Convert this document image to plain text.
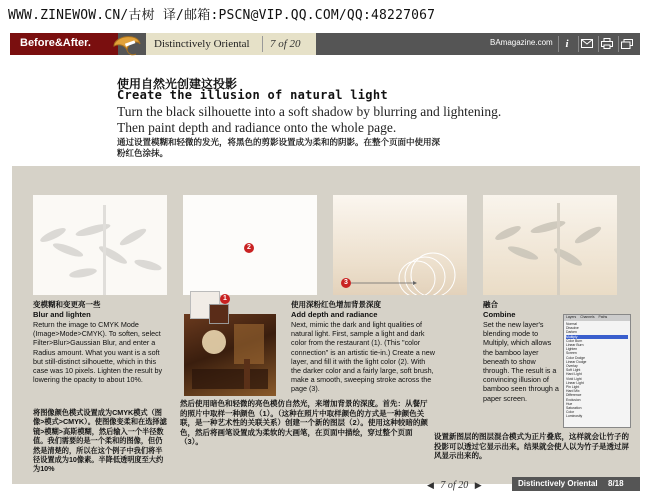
WWW.ZINEWOW.CN/古树 译/邮箱:PSCN@VIP.QQ.COM/QQ:48227067
Before&After.	Distinctively Oriental 7 of 20	BAmagazine.com	i
使用自然光创建这投影
Create the illusion of natural light
Turn the black silhouette into a soft shadow by blurring and lightening. Then paint depth and radiance onto the whole page.
通过设置模糊和轻微的发光，将黑色的剪影设置成为柔和的阴影。在整个页面中使用深粉红色涂抹。
2
3
1
变模糊和变更亮一些
Blur and lighten
Return the image to CMYK Mode (Image>Mode>CMYK). To soften, select Filter>Blur>Gaussian Blur, and enter a Radius amount. What you want is a soft but still-distinct silhouette, which in this case was 10 pixels. Lighten the result by lowering the opacity to about 10%.
将图像颜色模式设置成为CMYK模式（图像>模式>CMYK）。使图像变柔和在选择滤镜>模糊>高斯模糊，然后输入一个半径数值。我们需要的是一个柔和的图像，但仍然是清楚的，所以在这个例子中我们将半径设置成为10像素。半降低透明度至大约为10%
使用深粉红色增加背景深度
Add depth and radiance
Next, mimic the dark and light qualities of natural light. First, sample a light and dark color from the restaurant (1). (This "color connection" is an artistic tie-in.) Create a new layer, and fill it with the light color (2). With the darker color and a fairly large, soft brush, make a smooth, sweeping stroke across the page (3).
然后使用暗色和轻微的亮色模仿自然光，来增加背景的深度。首先：从餐厅的照片中取样一种颜色（1）。（这种在照片中取样颜色的方式是一种颜色关联，是一种艺术性的关联关系）创建一个新的图层（2）。使用这种较暗的颜色，然后将画笔设置成为柔软的大画笔，在页面中描绘，穿过整个页面（3）。
融合
Combine
Set the new layer's blending mode to Multiply, which allows the bamboo layer beneath to show through. The result is a convincing illusion of bamboo seen through a paper screen.
设置新图层的图层混合模式为正片叠底，这样就会让竹子的投影可以透过它显示出来。结果就会使人以为竹子是透过屏风显示出来的。
Layers	Channels	Paths
Normal
Dissolve
Darken
Multiply
Color Burn
Linear Burn
Lighten
Screen
Color Dodge
Linear Dodge
Overlay
Soft Light
Hard Light
Vivid Light
Linear Light
Pin Light
Hard Mix
Difference
Exclusion
Hue
Saturation
Color
Luminosity
◀ 7 of 20 ▶	Distinctively Oriental 8/18
